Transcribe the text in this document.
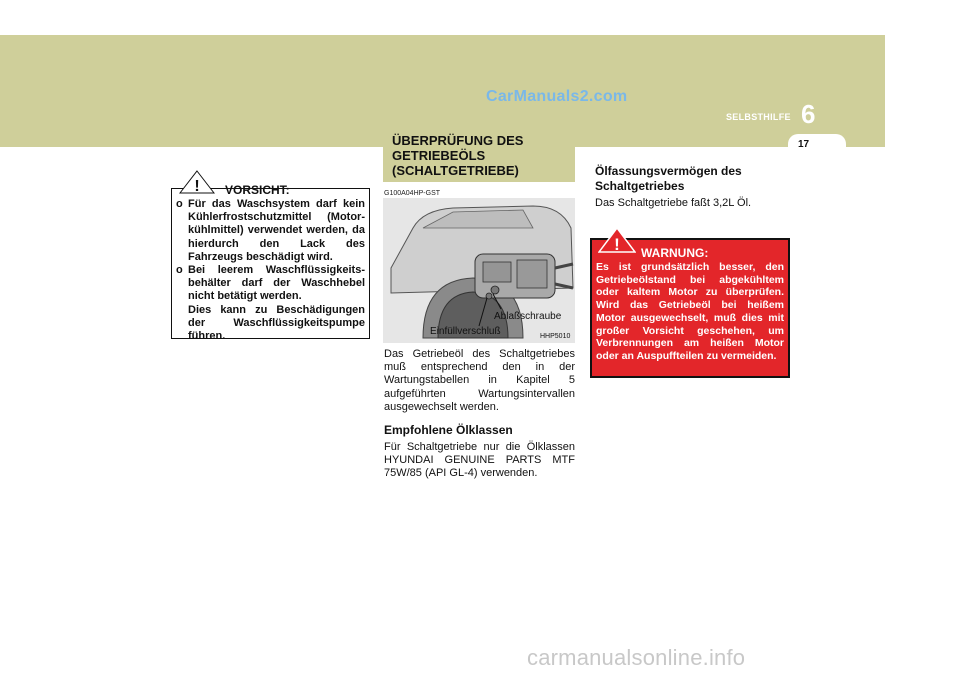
CarManuals2.com
SELBSTHILFE 6
17
! VORSICHT:
o Für das Waschsystem darf kein Kühlerfrostschutzmittel (Motor-kühlmittel) verwendet werden, da hierdurch den Lack des Fahrzeugs beschädigt wird.

o Bei leerem Waschflüssigkeits-behälter darf der Waschhebel nicht betätigt werden.

Dies kann zu Beschädigungen der Waschflüssigkeitspumpe führen.

ÜBERPRÜFUNG DES
GETRIEBEÖLS
(SCHALTGETRIEBE)
G100A04HP-GST
Ablaßschraube
Einfüllverschluß	HHP5010
Das Getriebeöl des Schaltgetriebes muß entsprechend den in der Wartungstabellen in Kapitel 5 aufgeführten Wartungsintervallen ausgewechselt werden.
Empfohlene Ölklassen
Für Schaltgetriebe nur die Ölklassen HYUNDAI GENUINE PARTS MTF 75W/85 (API GL-4) verwenden.
Ölfassungsvermögen des Schaltgetriebes
Das Schaltgetriebe faßt 3,2L Öl.
! WARNUNG:
Es ist grundsätzlich besser, den Getriebeölstand bei abgekühltem oder kaltem Motor zu überprüfen. Wird das Getriebeöl bei heißem Motor ausgewechselt, muß dies mit großer Vorsicht geschehen, um Verbrennungen am heißen Motor oder an Auspuffteilen zu vermeiden.
carmanualsonline.info
